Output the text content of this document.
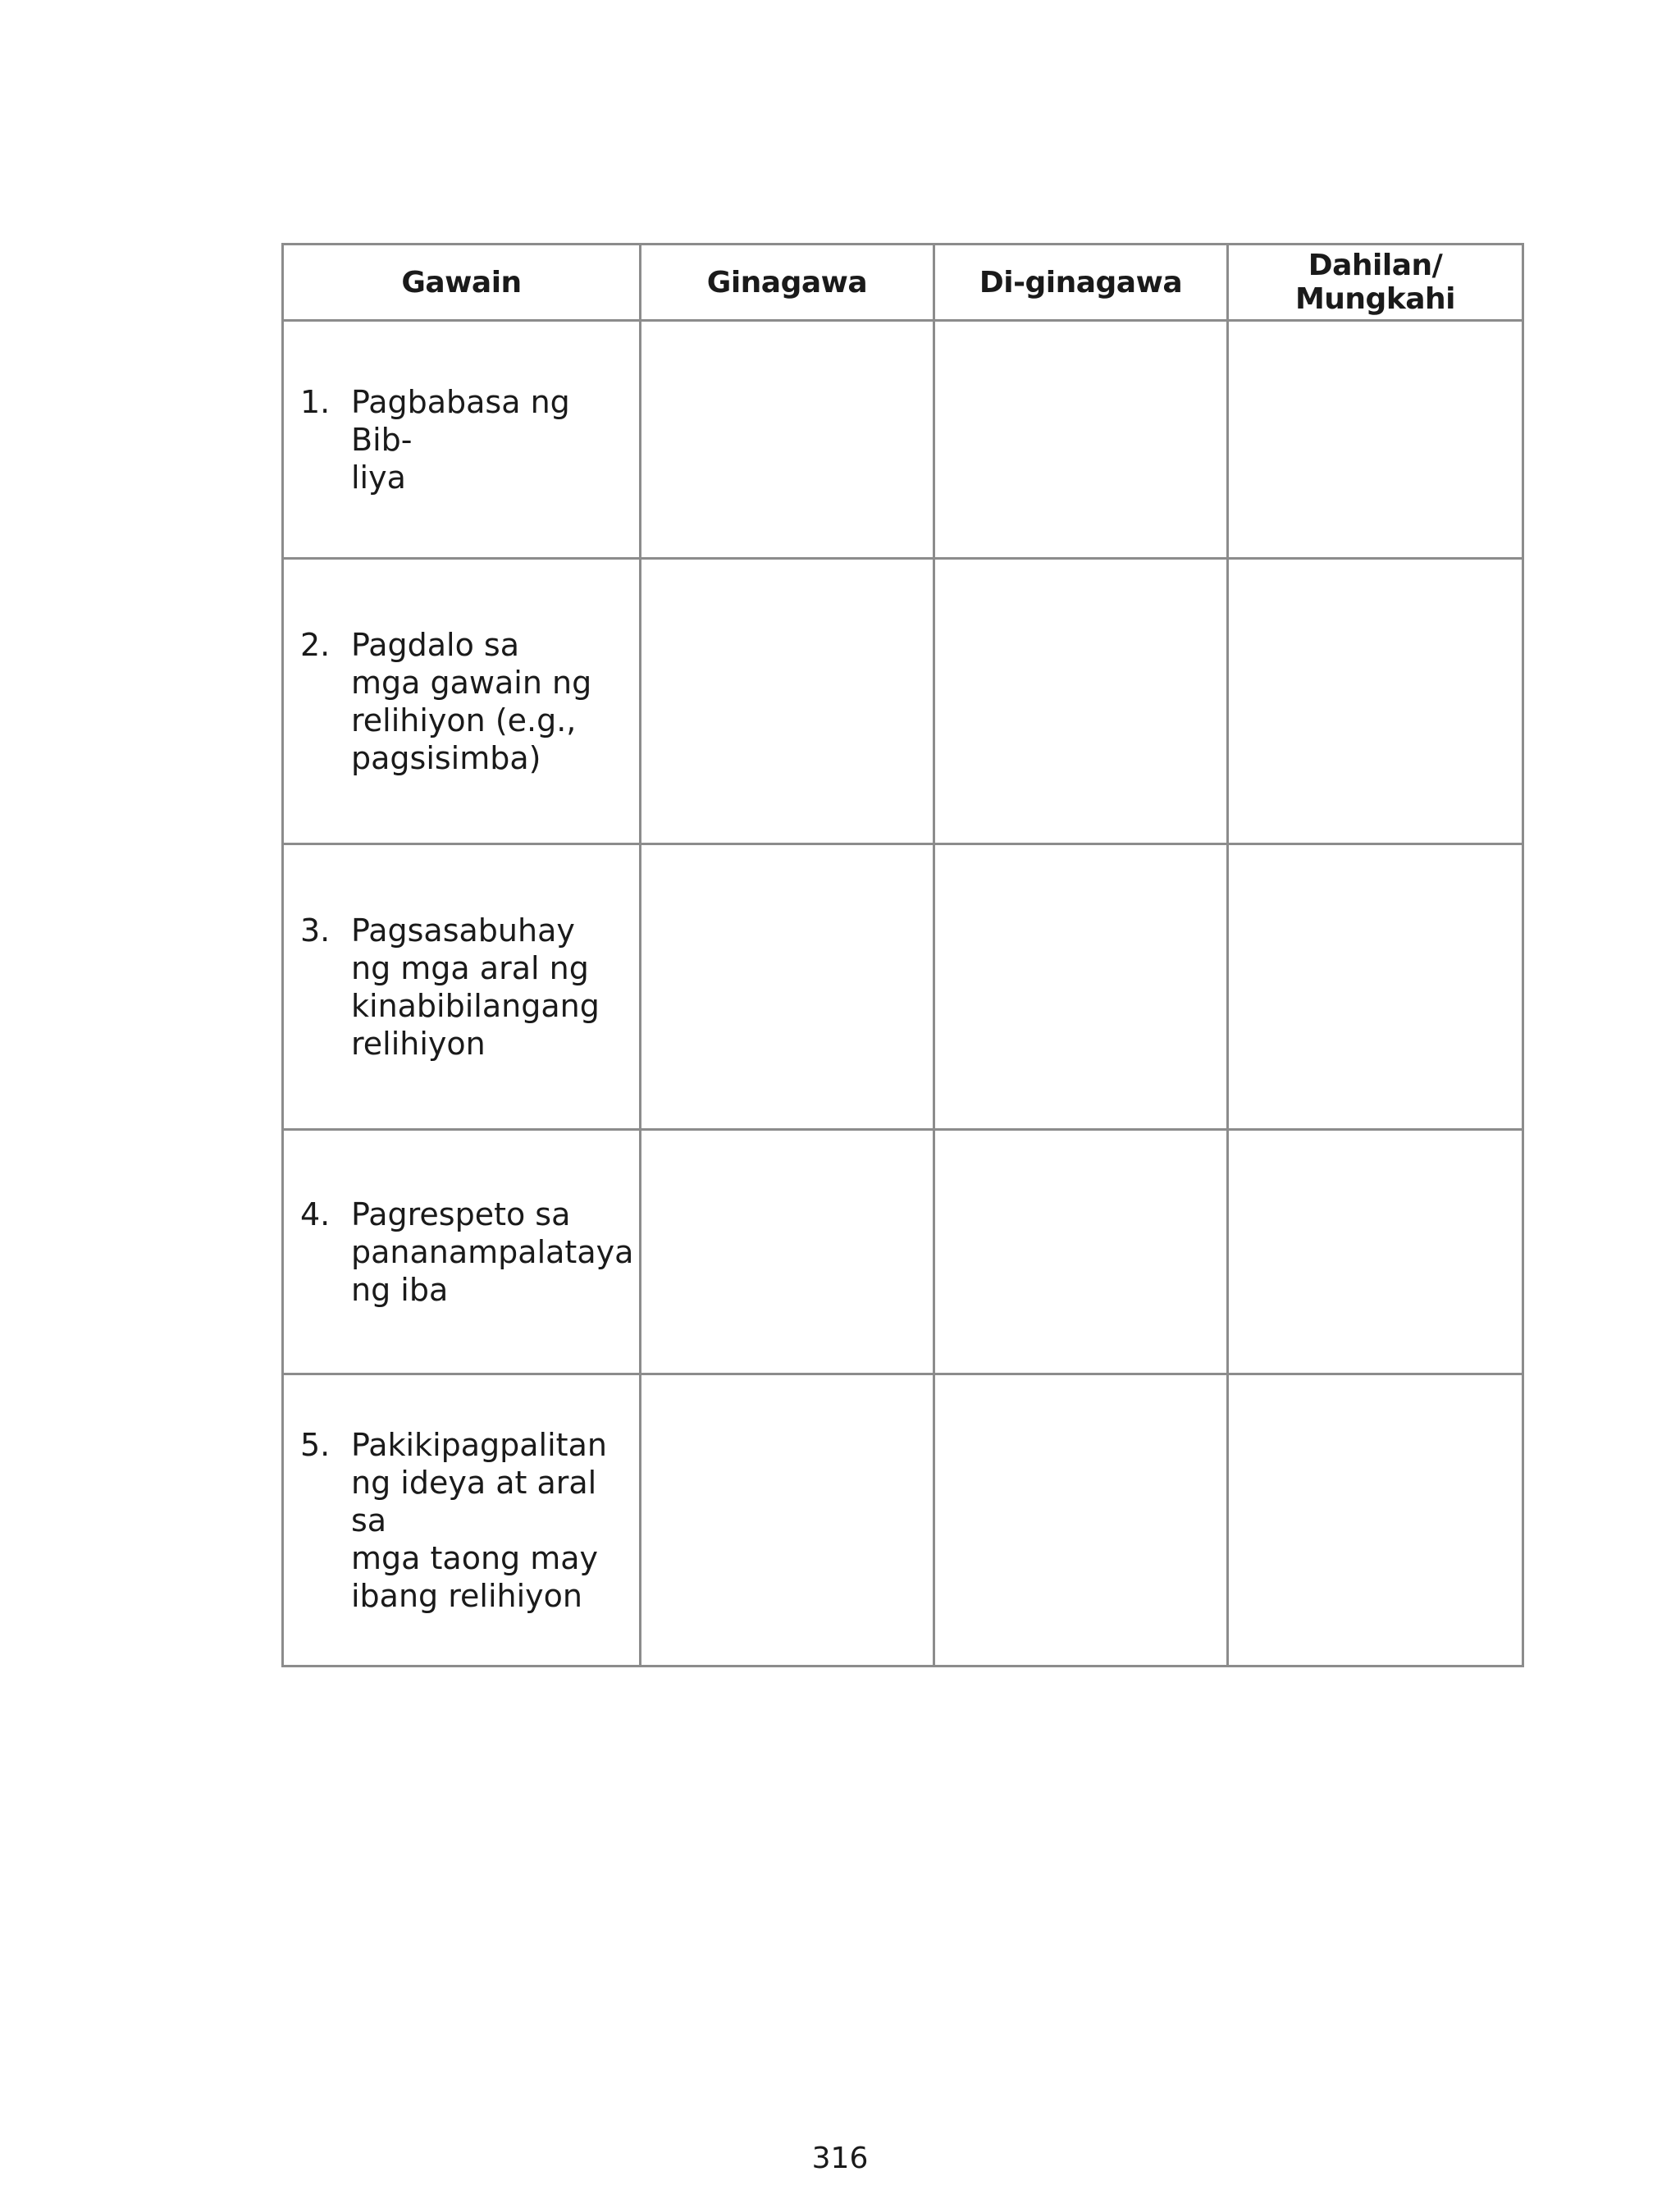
Gawain	Ginagawa	Di-ginagawa	Dahilan/ Mungkahi

1. Pagbabasa ng Bib-
liya			

2. Pagdalo sa
mga gawain ng
relihiyon (e.g.,
pagsisimba)			

3. Pagsasabuhay
ng mga aral ng
kinabibilangang
relihiyon			

4. Pagrespeto sa
pananampalataya
ng iba			

5. Pakikipagpalitan
ng ideya at aral sa
mga taong may
ibang relihiyon			

316
